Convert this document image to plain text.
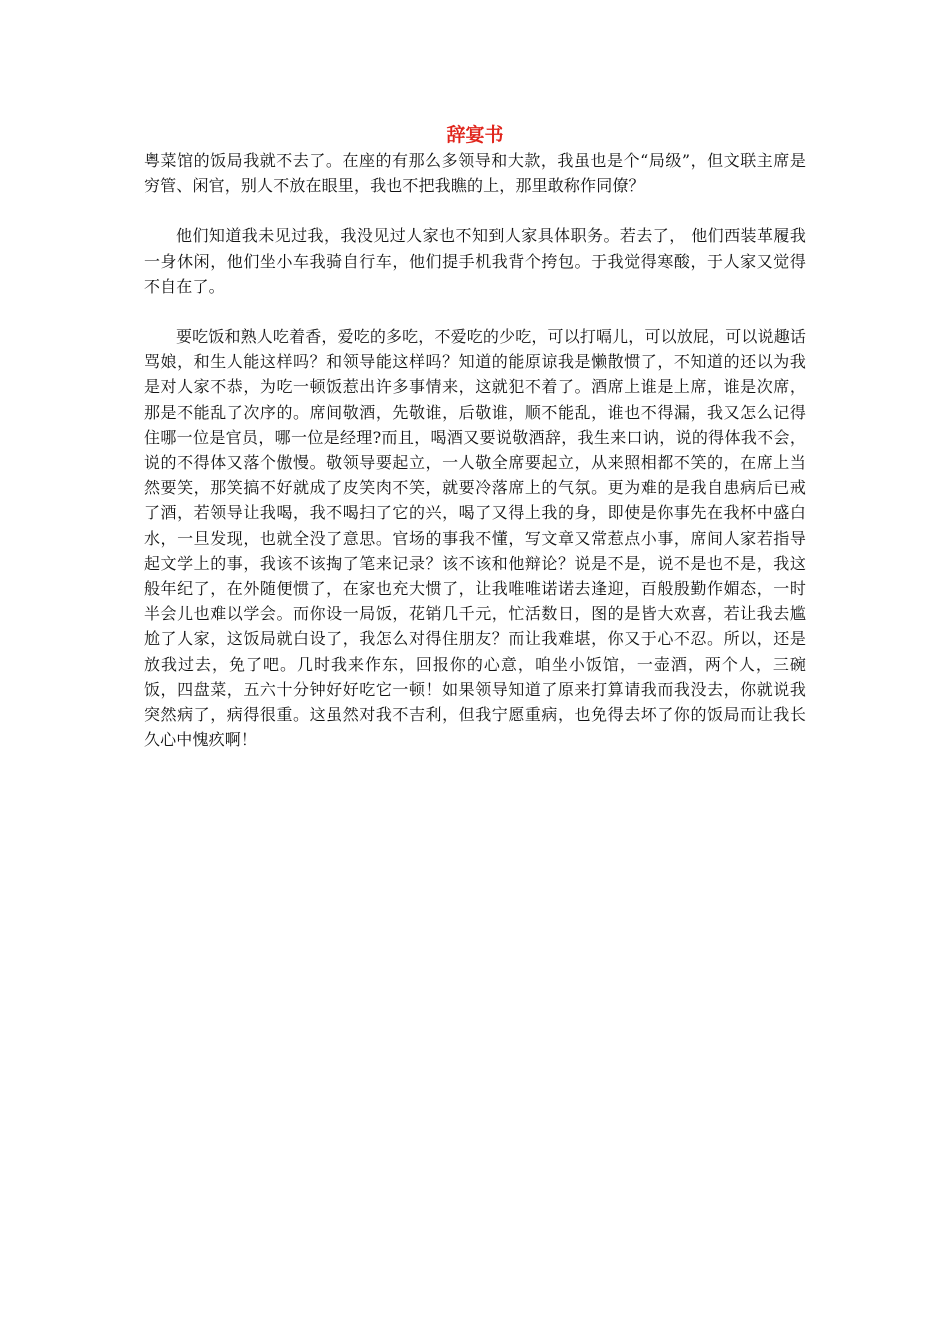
辞宴书

粤菜馆的饭局我就不去了。在座的有那么多领导和大款，我虽也是个“局级”，但文联主席是穷管、闲官，别人不放在眼里，我也不把我瞧的上，那里敢称作同僚？

他们知道我未见过我，我没见过人家也不知到人家具体职务。若去了， 他们西装革履我一身休闲，他们坐小车我骑自行车，他们提手机我背个挎包。于我觉得寒酸，于人家又觉得不自在了。

要吃饭和熟人吃着香，爱吃的多吃，不爱吃的少吃，可以打嗝儿，可以放屁，可以说趣话骂娘，和生人能这样吗？和领导能这样吗？知道的能原谅我是懒散惯了，不知道的还以为我是对人家不恭，为吃一顿饭惹出许多事情来，这就犯不着了。酒席上谁是上席，谁是次席，那是不能乱了次序的。席间敬酒，先敬谁，后敬谁，顺不能乱，谁也不得漏，我又怎么记得住哪一位是官员，哪一位是经理?而且，喝酒又要说敬酒辞，我生来口讷，说的得体我不会，说的不得体又落个傲慢。敬领导要起立，一人敬全席要起立，从来照相都不笑的，在席上当然要笑，那笑搞不好就成了皮笑肉不笑，就要冷落席上的气氛。更为难的是我自患病后已戒了酒，若领导让我喝，我不喝扫了它的兴，喝了又得上我的身，即使是你事先在我杯中盛白水，一旦发现，也就全没了意思。官场的事我不懂，写文章又常惹点小事，席间人家若指导起文学上的事，我该不该掏了笔来记录？该不该和他辩论？说是不是，说不是也不是，我这般年纪了，在外随便惯了，在家也充大惯了，让我唯唯诺诺去逢迎，百般殷勤作媚态，一时半会儿也难以学会。而你设一局饭，花销几千元，忙活数日，图的是皆大欢喜，若让我去尴尬了人家，这饭局就白设了，我怎么对得住朋友？而让我难堪，你又于心不忍。所以，还是放我过去，免了吧。几时我来作东，回报你的心意，咱坐小饭馆，一壶酒，两个人，三碗饭，四盘菜，五六十分钟好好吃它一顿！如果领导知道了原来打算请我而我没去，你就说我突然病了，病得很重。这虽然对我不吉利，但我宁愿重病，也免得去坏了你的饭局而让我长久心中愧疚啊！
